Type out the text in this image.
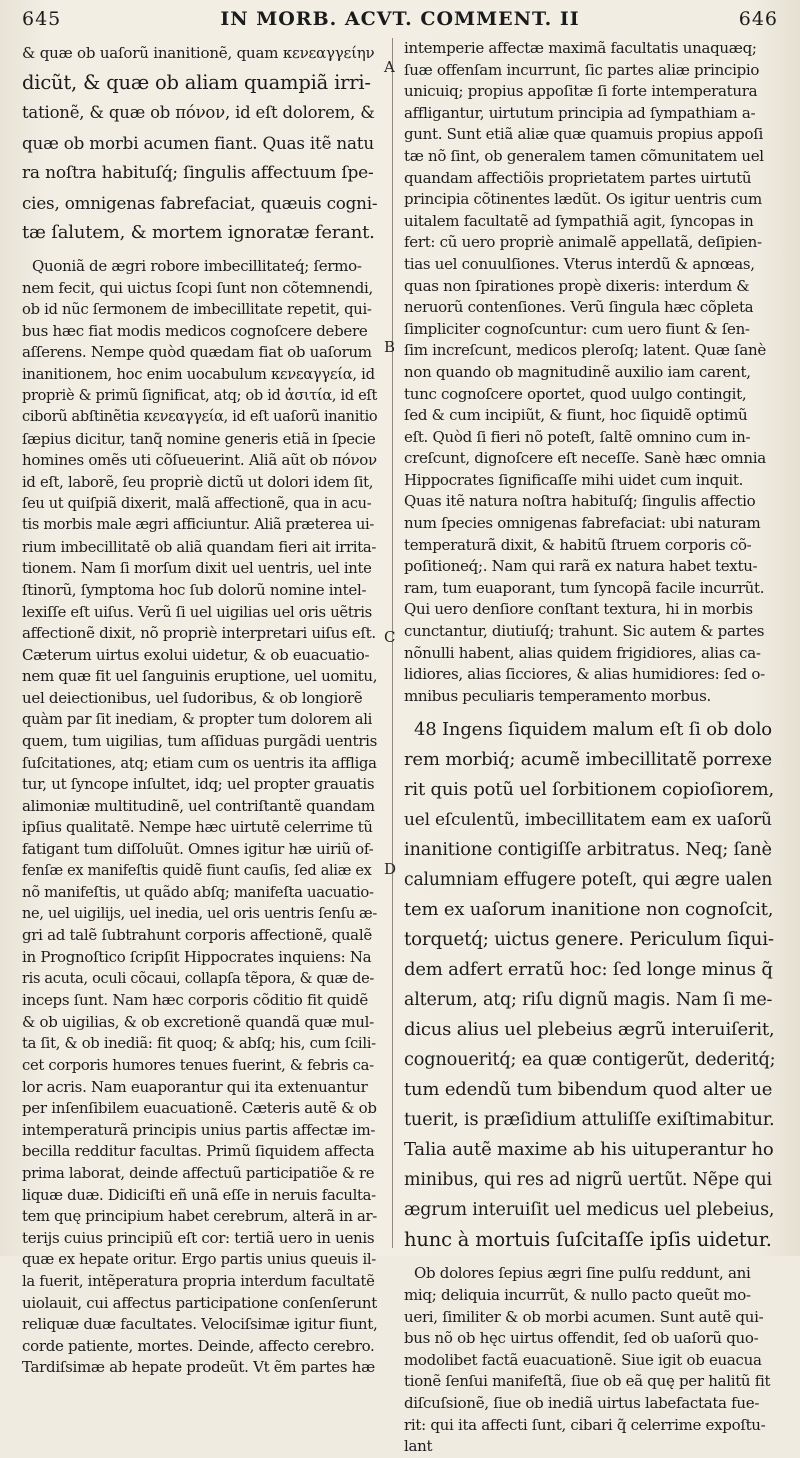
645	IN MORB. ACVT. COMMENT. II	646
& quæ ob uaſorũ inanitionẽ, quam κενεαγγείην
dicũt, & quæ ob aliam quampiã irri-
tationẽ, & quæ ob πόνον, id eſt dolorem, &
quæ ob morbi acumen fiant. Quas itẽ natu
ra noſtra habituſq́; ſingulis affectuum ſpe-
cies, omnigenas fabrefaciat, quæuis cogni-
tæ ſalutem, & mortem ignoratæ ferant.
Quoniã de ægri robore imbecillitateq́; ſermo-
nem fecit, qui uictus ſcopi ſunt non cõtemnendi,
ob id nũc ſermonem de imbecillitate repetit, qui-
bus hæc fiat modis medicos cognoſcere debere
aſſerens. Nempe quòd quædam fiat ob uaſorum
inanitionem, hoc enim uocabulum κενεαγγεία, id
propriè & primũ ſignificat, atq; ob id ἀσιτία, id eſt
ciborũ abſtinẽtia κενεαγγεία, id eſt uaſorũ inanitio
ſæpius dicitur, tanq̃ nomine generis etiã in ſpecie
homines omẽs uti cõſueuerint. Aliã aũt ob πόνον
id eſt, laborẽ, ſeu propriè dictũ ut dolori idem ſit,
ſeu ut quiſpiã dixerit, malã affectionẽ, qua in acu-
tis morbis male ægri afficiuntur. Aliã præterea ui-
rium imbecillitatẽ ob aliã quandam fieri ait irrita-
tionem. Nam ſi morſum dixit uel uentris, uel inte
ſtinorũ, ſymptoma hoc ſub dolorũ nomine intel-
lexiſſe eſt uiſus. Verũ ſi uel uigilias uel oris uẽtris
affectionẽ dixit, nõ propriè interpretari uiſus eſt.
Cæterum uirtus exolui uidetur, & ob euacuatio-
nem quæ fit uel ſanguinis eruptione, uel uomitu,
uel deiectionibus, uel ſudoribus, & ob longiorẽ
quàm par ſit inediam, & propter tum dolorem ali
quem, tum uigilias, tum aſſiduas purgãdi uentris
ſuſcitationes, atq; etiam cum os uentris ita affliga
tur, ut ſyncope inſultet, idq; uel propter grauatis
alimoniæ multitudinẽ, uel contriſtantẽ quandam
ipſius qualitatẽ. Nempe hæc uirtutẽ celerrime tũ
fatigant tum diſſoluũt. Omnes igitur hæ uiriũ of-
fenſæ ex manifeſtis quidẽ fiunt cauſis, ſed aliæ ex
nõ manifeſtis, ut quãdo abſq; manifeſta uacuatio-
ne, uel uigilijs, uel inedia, uel oris uentris ſenſu æ-
gri ad talẽ ſubtrahunt corporis affectionẽ, qualẽ
in Prognoſtico ſcripſit Hippocrates inquiens: Na
ris acuta, oculi cõcaui, collapſa tẽpora, & quæ de-
inceps ſunt. Nam hæc corporis cõditio fit quidẽ
& ob uigilias, & ob excretionẽ quandã quæ mul-
ta ſit, & ob inediã: fit quoq; & abſq; his, cum ſcili-
cet corporis humores tenues fuerint, & febris ca-
lor acris. Nam euaporantur qui ita extenuantur
per inſenſibilem euacuationẽ. Cæteris autẽ & ob
intemperaturã principis unius partis affectæ im-
becilla redditur facultas. Primũ ſiquidem affecta
prima laborat, deinde affectuũ participatiõe & re
liquæ duæ. Didiciſti eñ unã eſſe in neruis faculta-
tem quę principium habet cerebrum, alterã in ar-
terijs cuius principiũ eſt cor: tertiã uero in uenis
quæ ex hepate oritur. Ergo partis unius queuis il-
la fuerit, intẽperatura propria interdum facultatẽ
uiolauit, cui affectus participatione conſenſerunt
reliquæ duæ facultates. Velociſsimæ igitur fiunt,
corde patiente, mortes. Deinde, affecto cerebro.
Tardiſsimæ ab hepate prodeũt. Vt ẽm partes hæ
A
B
C
D
intemperie affectæ maximã facultatis unaquæq;
ſuæ offenſam incurrunt, ſic partes aliæ principio
unicuiq; propius appoſitæ ſi forte intemperatura
affligantur, uirtutum principia ad ſympathiam a-
gunt. Sunt etiã aliæ quæ quamuis propius appoſi
tæ nõ ſint, ob generalem tamen cõmunitatem uel
quandam affectiõis proprietatem partes uirtutũ
principia cõtinentes lædũt. Os igitur uentris cum
uitalem facultatẽ ad ſympathiã agit, ſyncopas in
fert: cũ uero propriè animalẽ appellatã, deſipien-
tias uel conuulſiones. Vterus interdũ & apnœas,
quas non ſpirationes propè dixeris: interdum &
neruorũ contenſiones. Verũ ſingula hæc cõpleta
ſimpliciter cognoſcuntur: cum uero fiunt & ſen-
ſim increſcunt, medicos pleroſq; latent. Quæ ſanè
non quando ob magnitudinẽ auxilio iam carent,
tunc cognoſcere oportet, quod uulgo contingit,
ſed & cum incipiũt, & fiunt, hoc ſiquidẽ optimũ
eſt. Quòd ſi fieri nõ poteſt, ſaltẽ omnino cum in-
creſcunt, dignoſcere eſt neceſſe. Sanè hæc omnia
Hippocrates ſignificaſſe mihi uidet cum inquit.
Quas itẽ natura noſtra habituſq́; ſingulis affectio
num ſpecies omnigenas fabrefaciat: ubi naturam
temperaturã dixit, & habitũ ſtruem corporis cõ-
poſitioneq́;. Nam qui rarã ex natura habet textu-
ram, tum euaporant, tum ſyncopã facile incurrũt.
Qui uero denſiore conſtant textura, hi in morbis
cunctantur, diutiuſq́; trahunt. Sic autem & partes
nõnulli habent, alias quidem frigidiores, alias ca-
lidiores, alias ſicciores, & alias humidiores: ſed o-
mnibus peculiaris temperamento morbus.
48 Ingens ſiquidem malum eſt ſi ob dolo
rem morbiq́; acumẽ imbecillitatẽ porrexe
rit quis potũ uel ſorbitionem copioſiorem,
uel eſculentũ, imbecillitatem eam ex uaſorũ
inanitione contigiſſe arbitratus. Neq; ſanè
calumniam effugere poteſt, qui ægre ualen
tem ex uaſorum inanitione non cognoſcit,
torquetq́; uictus genere. Periculum ſiqui-
dem adfert erratũ hoc: ſed longe minus q̃
alterum, atq; riſu dignũ magis. Nam ſi me-
dicus alius uel plebeius ægrũ interuiſerit,
cognoueritq́; ea quæ contigerũt, dederitq́;
tum edendũ tum bibendum quod alter ue
tuerit, is præſidium attuliſſe exiſtimabitur.
Talia autẽ maxime ab his uituperantur ho
minibus, qui res ad nigrũ uertũt. Nẽpe qui
ægrum interuiſit uel medicus uel plebeius,
hunc à mortuis ſuſcitaſſe ipſis uidetur.
Ob dolores ſepius ægri ſine pulſu reddunt, ani
miq; deliquia incurrũt, & nullo pacto queũt mo-
ueri, ſimiliter & ob morbi acumen. Sunt autẽ qui-
bus nõ ob hęc uirtus offendit, ſed ob uaſorũ quo-
modolibet factã euacuationẽ. Siue igit ob euacua
tionẽ ſenſui manifeſtã, ſiue ob eã quę per halitũ fit
diſcuſsionẽ, ſiue ob inediã uirtus labefactata fue-
rit: qui ita affecti ſunt, cibari q̃ celerrime expoſtu-
lant
